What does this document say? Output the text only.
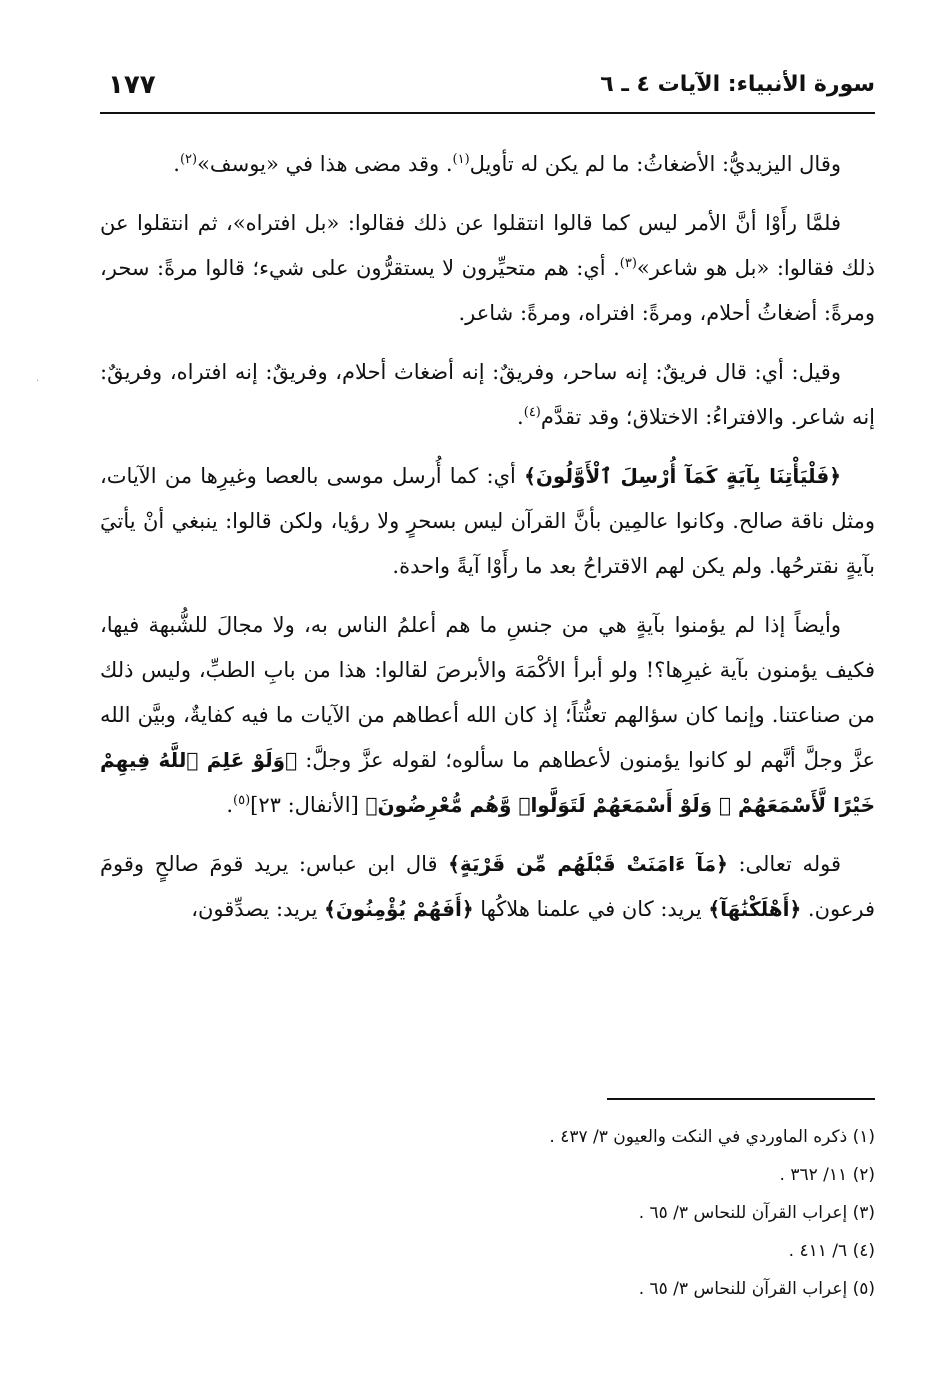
سورة الأنبياء: الآيات ٤ ـ ٦
١٧٧

وقال اليزيديُّ: الأضغاثُ: ما لم يكن له تأويل$^{(١)}$. وقد مضى هذا في «يوسف»$^{(٢)}$.

فلمَّا رأَوْا أنَّ الأمر ليس كما قالوا انتقلوا عن ذلك فقالوا: «بل افتراه»، ثم انتقلوا عن ذلك فقالوا: «بل هو شاعر»$^{(٣)}$. أي: هم متحيِّرون لا يستقرُّون على شيء؛ قالوا مرةً: سحر، ومرةً: أضغاثُ أحلام، ومرةً: افتراه، ومرةً: شاعر.

وقيل: أي: قال فريقٌ: إنه ساحر، وفريقٌ: إنه أضغاث أحلام، وفريقٌ: إنه افتراه، وفريقٌ: إنه شاعر. والافتراءُ: الاختلاق؛ وقد تقدَّم$^{(٤)}$.

﴿فَلْيَأْتِنَا بِآيَةٍ كَمَآ أُرْسِلَ ٱلْأَوَّلُونَ﴾ أي: كما أُرسل موسى بالعصا وغيرِها من الآيات، ومثل ناقة صالح. وكانوا عالمِين بأنَّ القرآن ليس بسحرٍ ولا رؤيا، ولكن قالوا: ينبغي أنْ يأتيَ بآيةٍ نقترحُها. ولم يكن لهم الاقتراحُ بعد ما رأَوْا آيةً واحدة.

وأيضاً إذا لم يؤمنوا بآيةٍ هي من جنسِ ما هم أعلمُ الناس به، ولا مجالَ للشُّبهة فيها، فكيف يؤمنون بآية غيرِها؟! ولو أبرأ الأكْمَهَ والأبرصَ لقالوا: هذا من بابِ الطبِّ، وليس ذلك من صناعتنا. وإنما كان سؤالهم تعنُّتاً؛ إذ كان الله أعطاهم من الآيات ما فيه كفايةٌ، وبيَّن الله عزَّ وجلَّ أنَّهم لو كانوا يؤمنون لأعطاهم ما سألوه؛ لقوله عزَّ وجلَّ: ﴿وَلَوْ عَلِمَ ٱللَّهُ فِيهِمْ خَيْرًا لَّأَسْمَعَهُمْ ۖ وَلَوْ أَسْمَعَهُمْ لَتَوَلَّوا۟ وَّهُم مُّعْرِضُونَ﴾ [الأنفال: ٢٣]$^{(٥)}$.

قوله تعالى: ﴿مَآ ءَامَنَتْ قَبْلَهُم مِّن قَرْيَةٍ﴾ قال ابن عباس: يريد قومَ صالحٍ وقومَ فرعون. ﴿أَهْلَكْنَٰهَآ﴾ يريد: كان في علمنا هلاكُها ﴿أَفَهُمْ يُؤْمِنُونَ﴾ يريد: يصدِّقون،

(١) ذكره الماوردي في النكت والعيون ٣/ ٤٣٧ .

(٢) ١١/ ٣٦٢ .

(٣) إعراب القرآن للنحاس ٣/ ٦٥ .

(٤) ٦/ ٤١١ .

(٥) إعراب القرآن للنحاس ٣/ ٦٥ .

·
